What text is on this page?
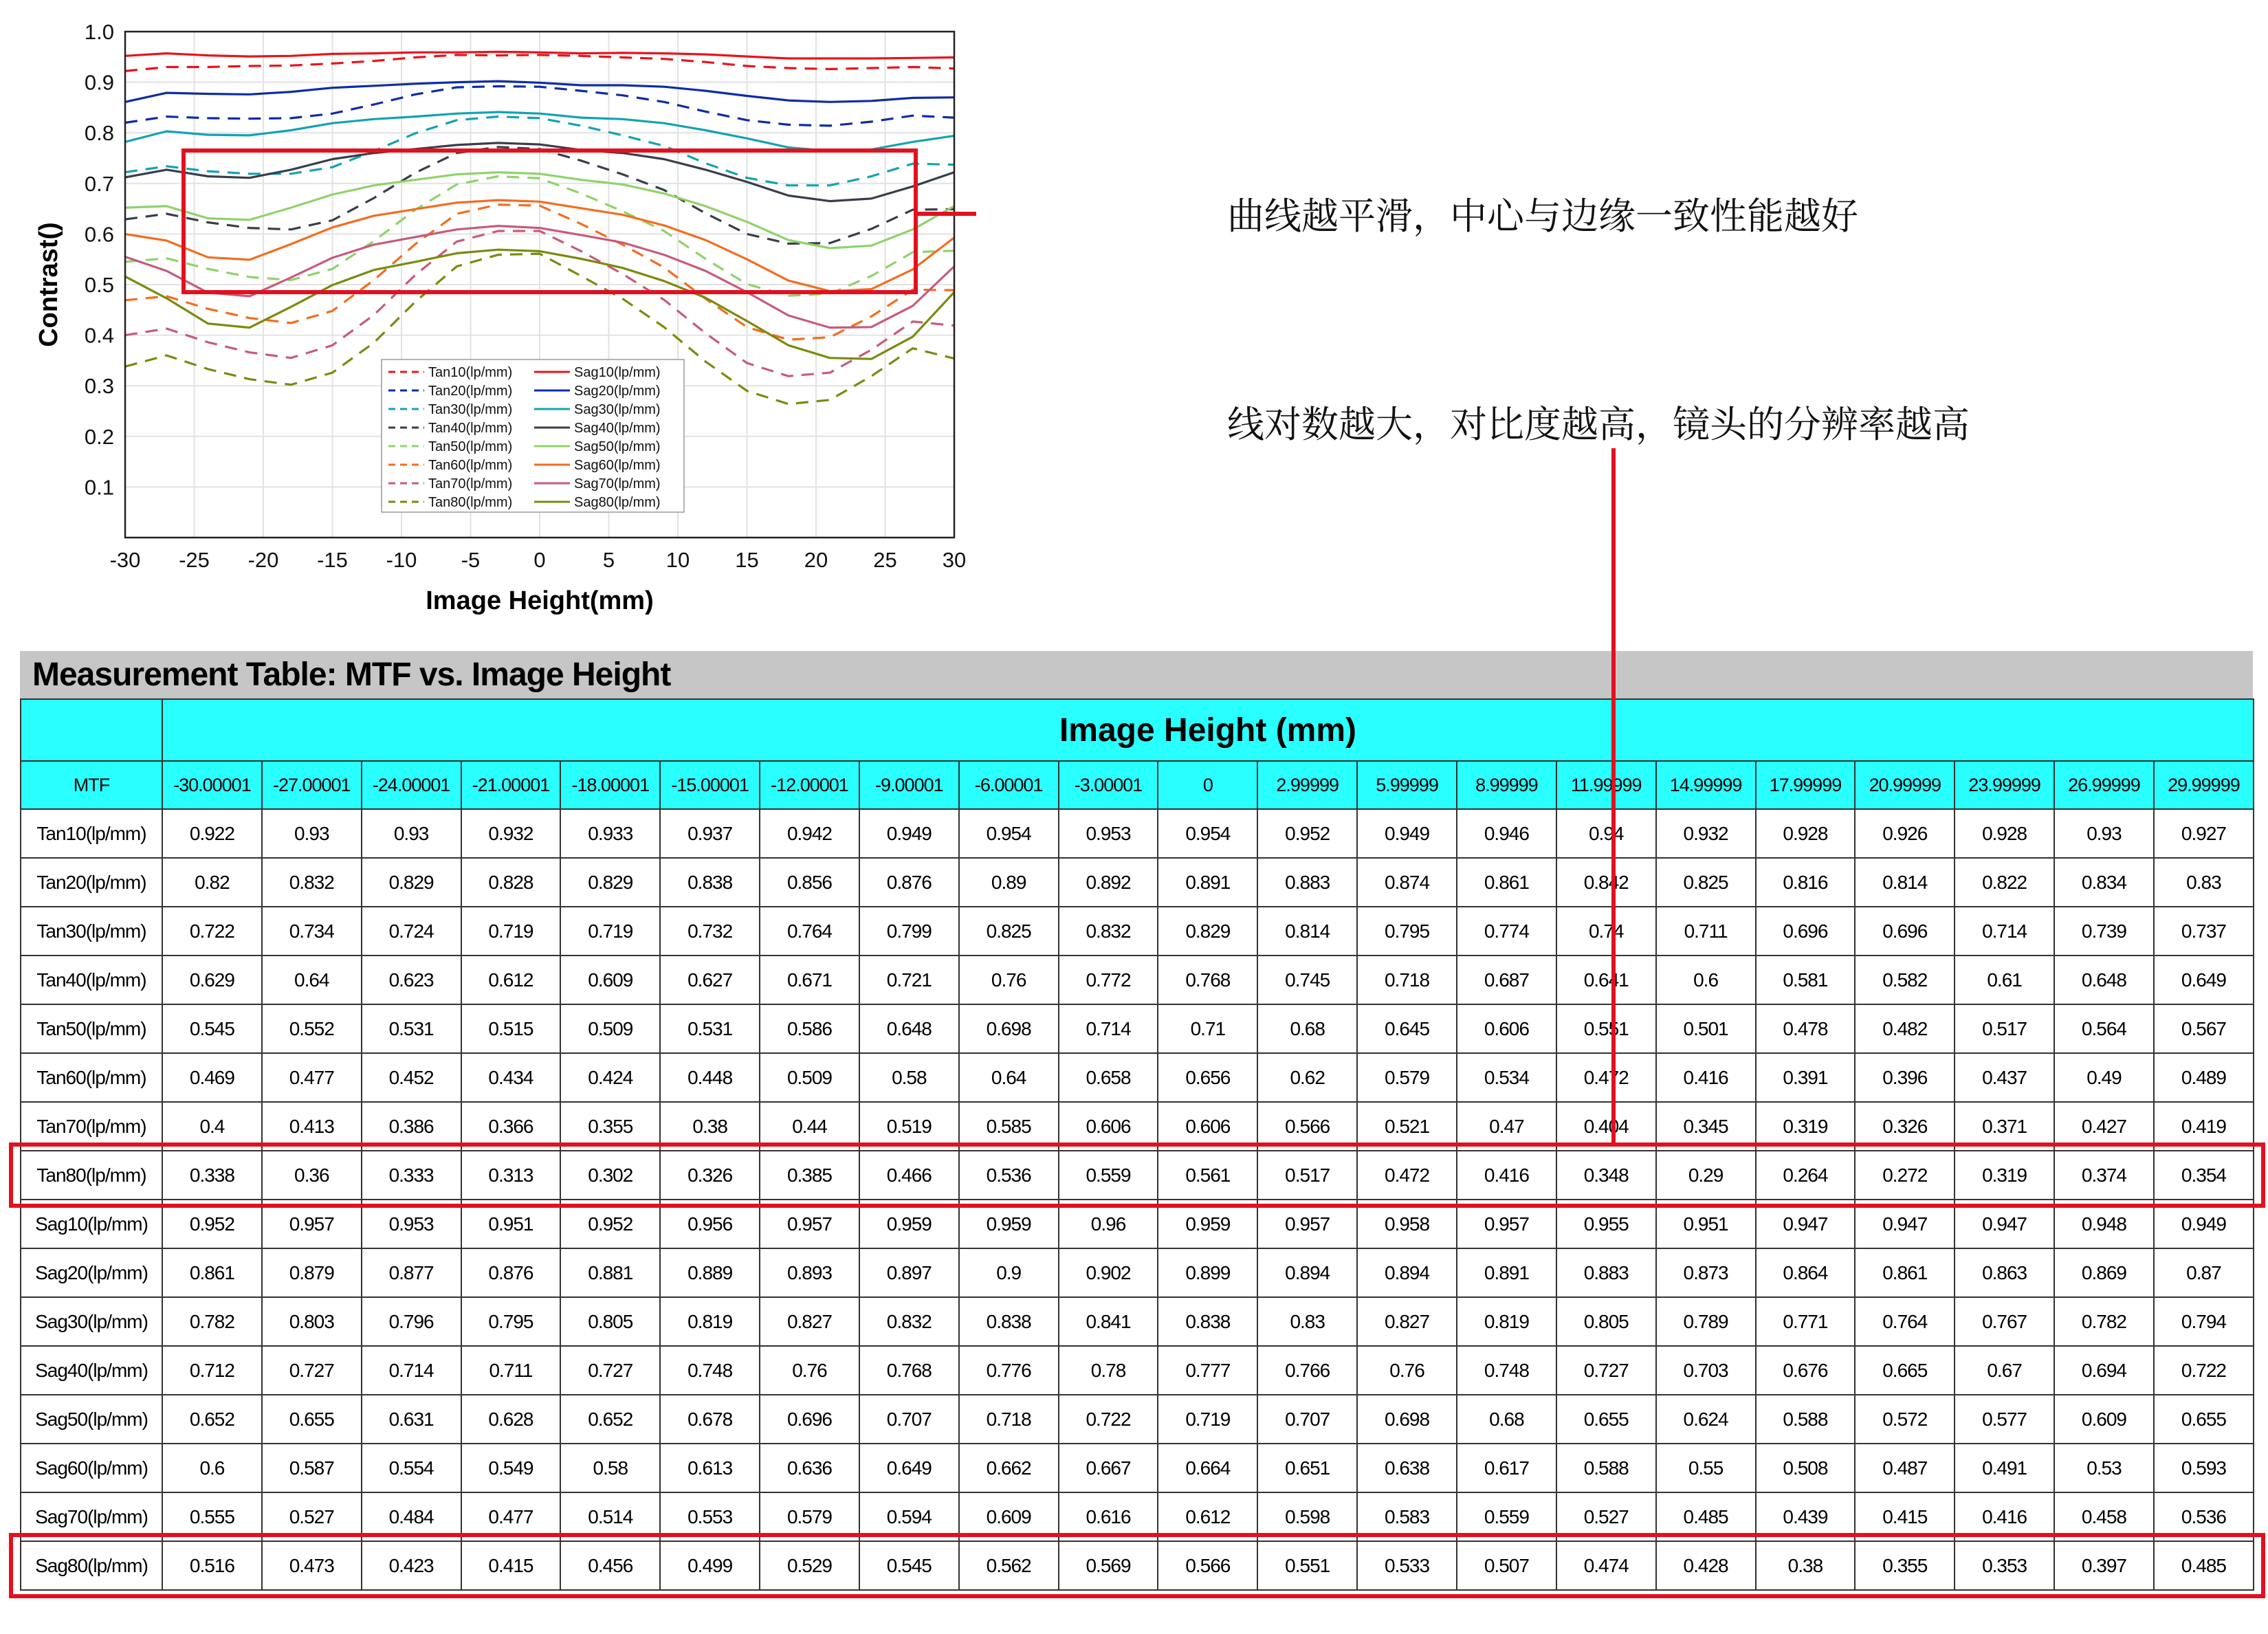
-30 -25 -20 -15 -10 -5	0	5 10 15 20 25 30
0.1
0.2
0.3
0.4
0.5
0.6
0.7
0.8
0.9
1.0
Image Height(mm)
Contrast()
Tan10(lp/mm)
Tan20(lp/mm)
Tan30(lp/mm)
Tan40(lp/mm)
Tan50(lp/mm)
Tan60(lp/mm)
Tan70(lp/mm)
Tan80(lp/mm)
Sag10(lp/mm)
Sag20(lp/mm)
Sag30(lp/mm)
Sag40(lp/mm)
Sag50(lp/mm)
Sag60(lp/mm)
Sag70(lp/mm)
Sag80(lp/mm)
曲线越平滑，中心与边缘一致性能越好
线对数越大，对比度越高，镜头的分辨率越高
Measurement Table: MTF vs. Image Height
	Image Height (mm)																				
MTF	-30.00001	-27.00001	-24.00001	-21.00001	-18.00001	-15.00001	-12.00001	-9.00001	-6.00001	-3.00001	0	2.99999	5.99999	8.99999	11.99999	14.99999	17.99999	20.99999	23.99999	26.99999	29.99999
Tan10(lp/mm)	0.922	0.93	0.93	0.932	0.933	0.937	0.942	0.949	0.954	0.953	0.954	0.952	0.949	0.946	0.94	0.932	0.928	0.926	0.928	0.93	0.927
Tan20(lp/mm)	0.82	0.832	0.829	0.828	0.829	0.838	0.856	0.876	0.89	0.892	0.891	0.883	0.874	0.861	0.842	0.825	0.816	0.814	0.822	0.834	0.83
Tan30(lp/mm)	0.722	0.734	0.724	0.719	0.719	0.732	0.764	0.799	0.825	0.832	0.829	0.814	0.795	0.774	0.74	0.711	0.696	0.696	0.714	0.739	0.737
Tan40(lp/mm)	0.629	0.64	0.623	0.612	0.609	0.627	0.671	0.721	0.76	0.772	0.768	0.745	0.718	0.687	0.641	0.6	0.581	0.582	0.61	0.648	0.649
Tan50(lp/mm)	0.545	0.552	0.531	0.515	0.509	0.531	0.586	0.648	0.698	0.714	0.71	0.68	0.645	0.606	0.551	0.501	0.478	0.482	0.517	0.564	0.567
Tan60(lp/mm)	0.469	0.477	0.452	0.434	0.424	0.448	0.509	0.58	0.64	0.658	0.656	0.62	0.579	0.534	0.472	0.416	0.391	0.396	0.437	0.49	0.489
Tan70(lp/mm)	0.4	0.413	0.386	0.366	0.355	0.38	0.44	0.519	0.585	0.606	0.606	0.566	0.521	0.47	0.404	0.345	0.319	0.326	0.371	0.427	0.419
Tan80(lp/mm)	0.338	0.36	0.333	0.313	0.302	0.326	0.385	0.466	0.536	0.559	0.561	0.517	0.472	0.416	0.348	0.29	0.264	0.272	0.319	0.374	0.354
Sag10(lp/mm)	0.952	0.957	0.953	0.951	0.952	0.956	0.957	0.959	0.959	0.96	0.959	0.957	0.958	0.957	0.955	0.951	0.947	0.947	0.947	0.948	0.949
Sag20(lp/mm)	0.861	0.879	0.877	0.876	0.881	0.889	0.893	0.897	0.9	0.902	0.899	0.894	0.894	0.891	0.883	0.873	0.864	0.861	0.863	0.869	0.87
Sag30(lp/mm)	0.782	0.803	0.796	0.795	0.805	0.819	0.827	0.832	0.838	0.841	0.838	0.83	0.827	0.819	0.805	0.789	0.771	0.764	0.767	0.782	0.794
Sag40(lp/mm)	0.712	0.727	0.714	0.711	0.727	0.748	0.76	0.768	0.776	0.78	0.777	0.766	0.76	0.748	0.727	0.703	0.676	0.665	0.67	0.694	0.722
Sag50(lp/mm)	0.652	0.655	0.631	0.628	0.652	0.678	0.696	0.707	0.718	0.722	0.719	0.707	0.698	0.68	0.655	0.624	0.588	0.572	0.577	0.609	0.655
Sag60(lp/mm)	0.6	0.587	0.554	0.549	0.58	0.613	0.636	0.649	0.662	0.667	0.664	0.651	0.638	0.617	0.588	0.55	0.508	0.487	0.491	0.53	0.593
Sag70(lp/mm)	0.555	0.527	0.484	0.477	0.514	0.553	0.579	0.594	0.609	0.616	0.612	0.598	0.583	0.559	0.527	0.485	0.439	0.415	0.416	0.458	0.536
Sag80(lp/mm)	0.516	0.473	0.423	0.415	0.456	0.499	0.529	0.545	0.562	0.569	0.566	0.551	0.533	0.507	0.474	0.428	0.38	0.355	0.353	0.397	0.485
